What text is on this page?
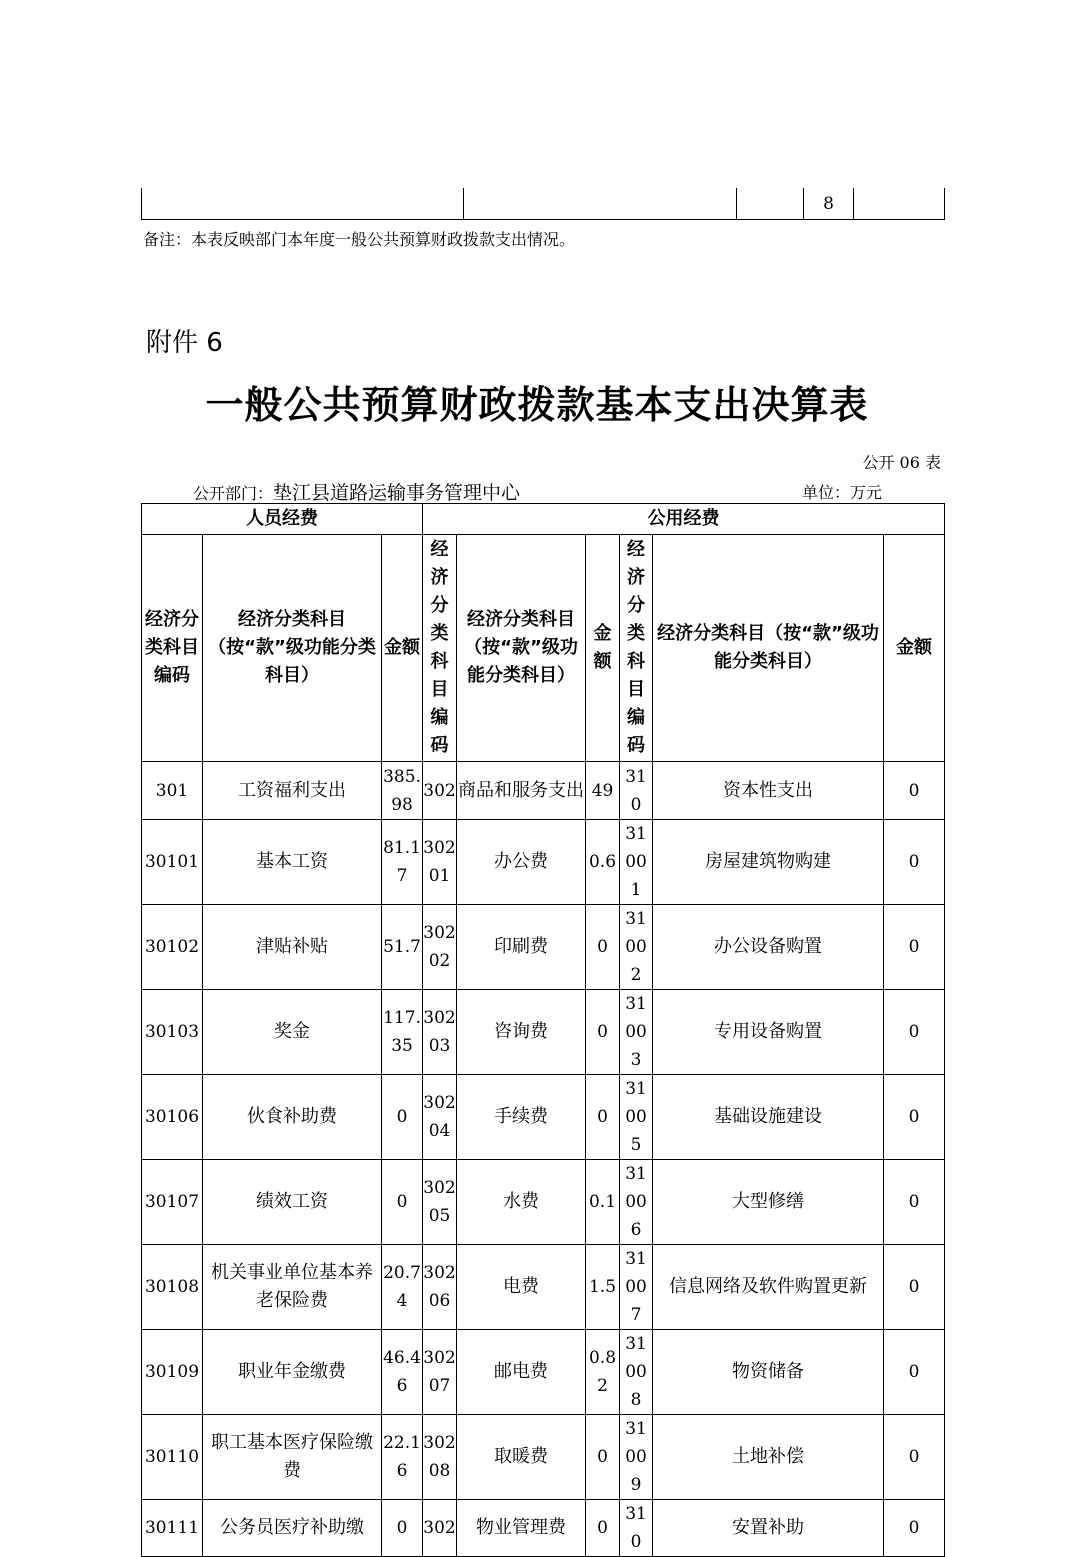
			8	
备注：本表反映部门本年度一般公共预算财政拨款支出情况。
附件 6
一般公共预算财政拨款基本支出决算表
公开 06 表
公开部门：垫江县道路运输事务管理中心	单位：万元
人员经费			公用经费					
经济分类科目编码	经济分类科目（按“款”级功能分类科目）	金额	经济分类科目编码	经济分类科目（按“款”级功能分类科目）	金额	经济分类科目编码	经济分类科目（按“款”级功能分类科目）	金额
301	工资福利支出	385.98	302	商品和服务支出	49	310	资本性支出	0
30101	基本工资	81.17	30201	办公费	0.6	31001	房屋建筑物购建	0
30102	津贴补贴	51.7	30202	印刷费	0	31002	办公设备购置	0
30103	奖金	117.35	30203	咨询费	0	31003	专用设备购置	0
30106	伙食补助费	0	30204	手续费	0	31005	基础设施建设	0
30107	绩效工资	0	30205	水费	0.1	31006	大型修缮	0
30108	机关事业单位基本养老保险费	20.74	30206	电费	1.5	31007	信息网络及软件购置更新	0
30109	职业年金缴费	46.46	30207	邮电费	0.82	31008	物资储备	0
30110	职工基本医疗保险缴费	22.16	30208	取暖费	0	31009	土地补偿	0
30111	公务员医疗补助缴	0	302	物业管理费	0	310	安置补助	0
